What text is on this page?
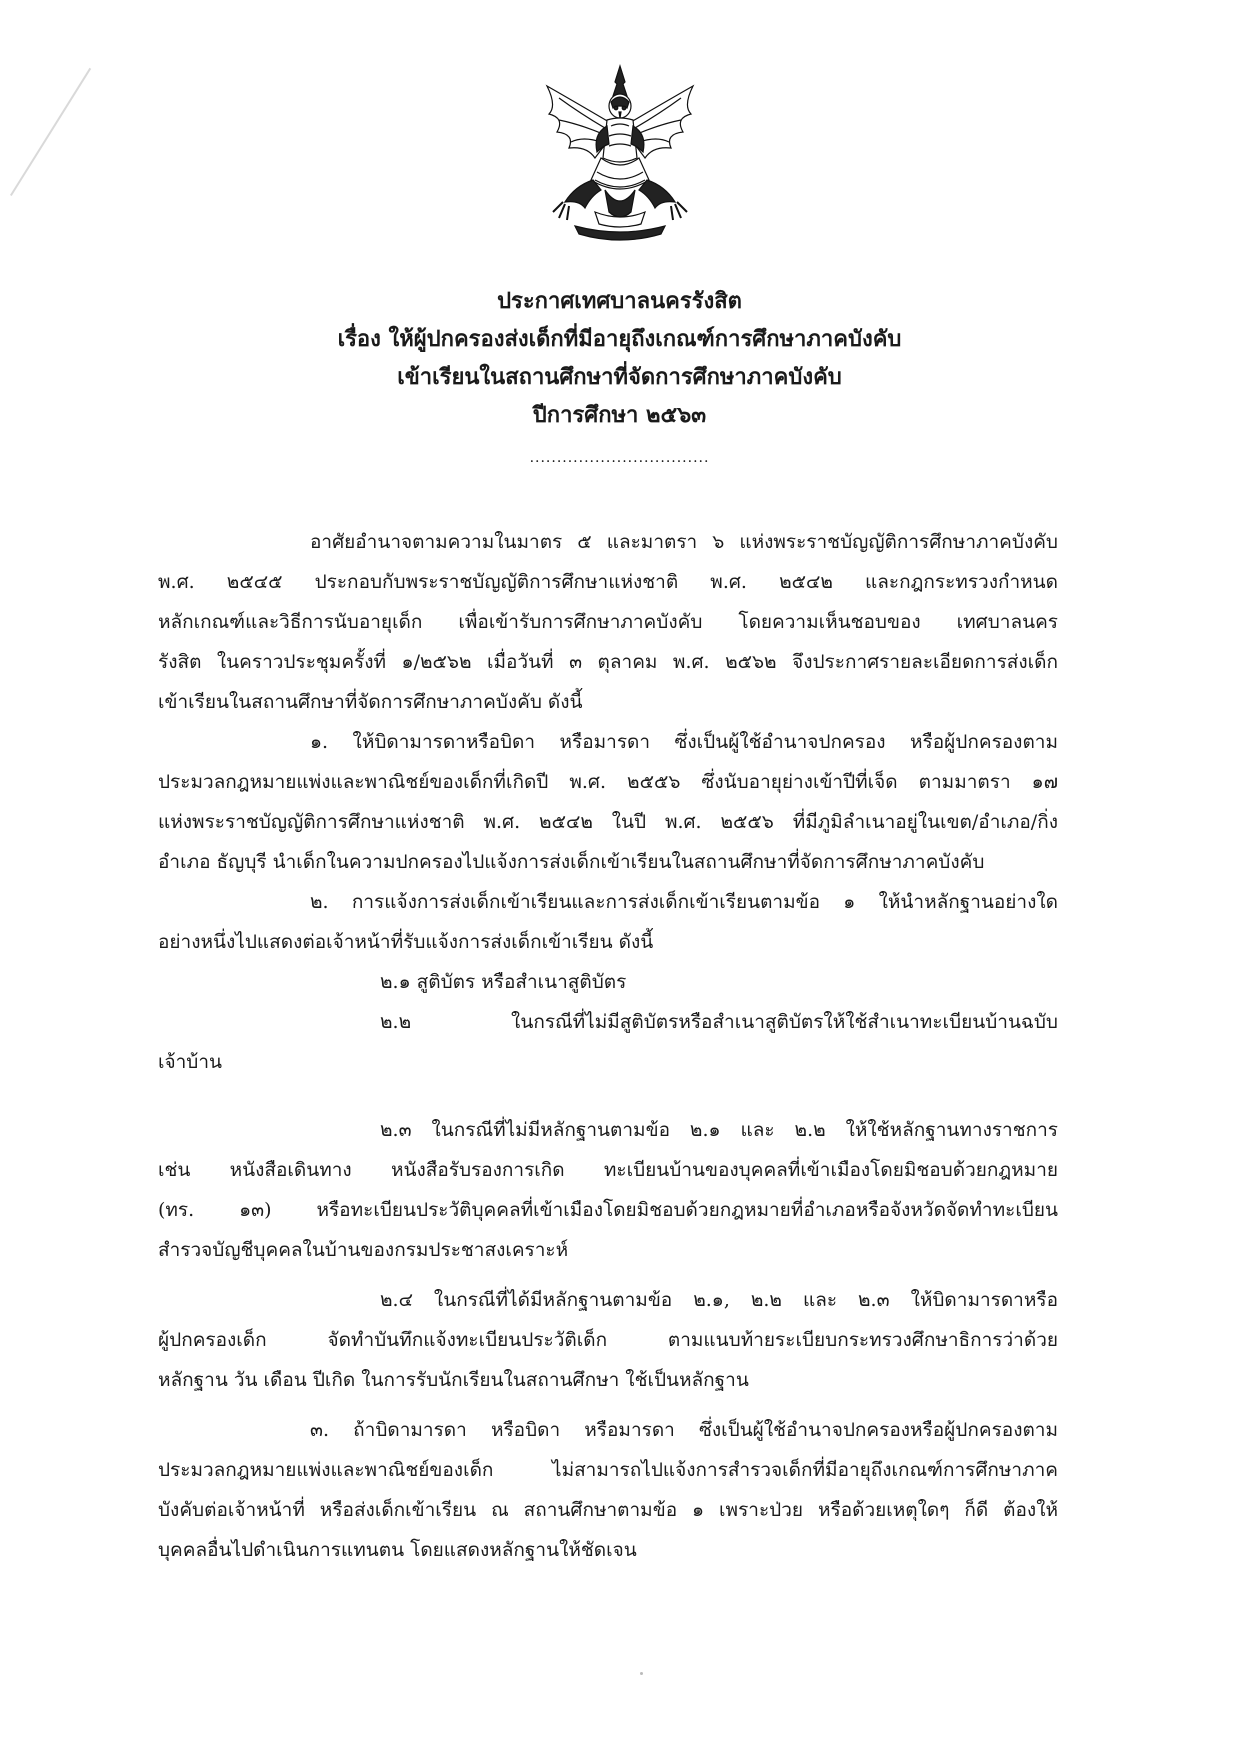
ประกาศเทศบาลนครรังสิต
เรื่อง ให้ผู้ปกครองส่งเด็กที่มีอายุถึงเกณฑ์การศึกษาภาคบังคับ
เข้าเรียนในสถานศึกษาที่จัดการศึกษาภาคบังคับ
ปีการศึกษา ๒๕๖๓
.................................
อาศัยอำนาจตามความในมาตร ๕ และมาตรา ๖ แห่งพระราชบัญญัติการศึกษาภาคบังคับ
พ.ศ. ๒๕๔๕ ประกอบกับพระราชบัญญัติการศึกษาแห่งชาติ พ.ศ. ๒๕๔๒ และกฎกระทรวงกำหนด
หลักเกณฑ์และวิธีการนับอายุเด็ก เพื่อเข้ารับการศึกษาภาคบังคับ โดยความเห็นชอบของ เทศบาลนคร
รังสิต ในคราวประชุมครั้งที่ ๑/๒๕๖๒ เมื่อวันที่ ๓ ตุลาคม พ.ศ. ๒๕๖๒ จึงประกาศรายละเอียดการส่งเด็ก
เข้าเรียนในสถานศึกษาที่จัดการศึกษาภาคบังคับ ดังนี้
๑. ให้บิดามารดาหรือบิดา หรือมารดา ซึ่งเป็นผู้ใช้อำนาจปกครอง หรือผู้ปกครองตาม
ประมวลกฎหมายแพ่งและพาณิชย์ของเด็กที่เกิดปี พ.ศ. ๒๕๕๖ ซึ่งนับอายุย่างเข้าปีที่เจ็ด ตามมาตรา ๑๗
แห่งพระราชบัญญัติการศึกษาแห่งชาติ พ.ศ. ๒๕๔๒ ในปี พ.ศ. ๒๕๕๖ ที่มีภูมิลำเนาอยู่ในเขต/อำเภอ/กิ่ง
อำเภอ ธัญบุรี นำเด็กในความปกครองไปแจ้งการส่งเด็กเข้าเรียนในสถานศึกษาที่จัดการศึกษาภาคบังคับ
๒. การแจ้งการส่งเด็กเข้าเรียนและการส่งเด็กเข้าเรียนตามข้อ ๑ ให้นำหลักฐานอย่างใด
อย่างหนึ่งไปแสดงต่อเจ้าหน้าที่รับแจ้งการส่งเด็กเข้าเรียน ดังนี้
๒.๑ สูติบัตร หรือสำเนาสูติบัตร
๒.๒ ในกรณีที่ไม่มีสูติบัตรหรือสำเนาสูติบัตรให้ใช้สำเนาทะเบียนบ้านฉบับ
เจ้าบ้าน
๒.๓ ในกรณีที่ไม่มีหลักฐานตามข้อ ๒.๑ และ ๒.๒ ให้ใช้หลักฐานทางราชการ
เช่น หนังสือเดินทาง หนังสือรับรองการเกิด ทะเบียนบ้านของบุคคลที่เข้าเมืองโดยมิชอบด้วยกฎหมาย
(ทร. ๑๓) หรือทะเบียนประวัติบุคคลที่เข้าเมืองโดยมิชอบด้วยกฎหมายที่อำเภอหรือจังหวัดจัดทำทะเบียน
สำรวจบัญชีบุคคลในบ้านของกรมประชาสงเคราะห์
๒.๔ ในกรณีที่ได้มีหลักฐานตามข้อ ๒.๑, ๒.๒ และ ๒.๓ ให้บิดามารดาหรือ
ผู้ปกครองเด็ก จัดทำบันทึกแจ้งทะเบียนประวัติเด็ก ตามแนบท้ายระเบียบกระทรวงศึกษาธิการว่าด้วย
หลักฐาน วัน เดือน ปีเกิด ในการรับนักเรียนในสถานศึกษา ใช้เป็นหลักฐาน
๓. ถ้าบิดามารดา หรือบิดา หรือมารดา ซึ่งเป็นผู้ใช้อำนาจปกครองหรือผู้ปกครองตาม
ประมวลกฎหมายแพ่งและพาณิชย์ของเด็ก ไม่สามารถไปแจ้งการสำรวจเด็กที่มีอายุถึงเกณฑ์การศึกษาภาค
บังคับต่อเจ้าหน้าที่ หรือส่งเด็กเข้าเรียน ณ สถานศึกษาตามข้อ ๑ เพราะป่วย หรือด้วยเหตุใดๆ ก็ดี ต้องให้
บุคคลอื่นไปดำเนินการแทนตน โดยแสดงหลักฐานให้ชัดเจน
